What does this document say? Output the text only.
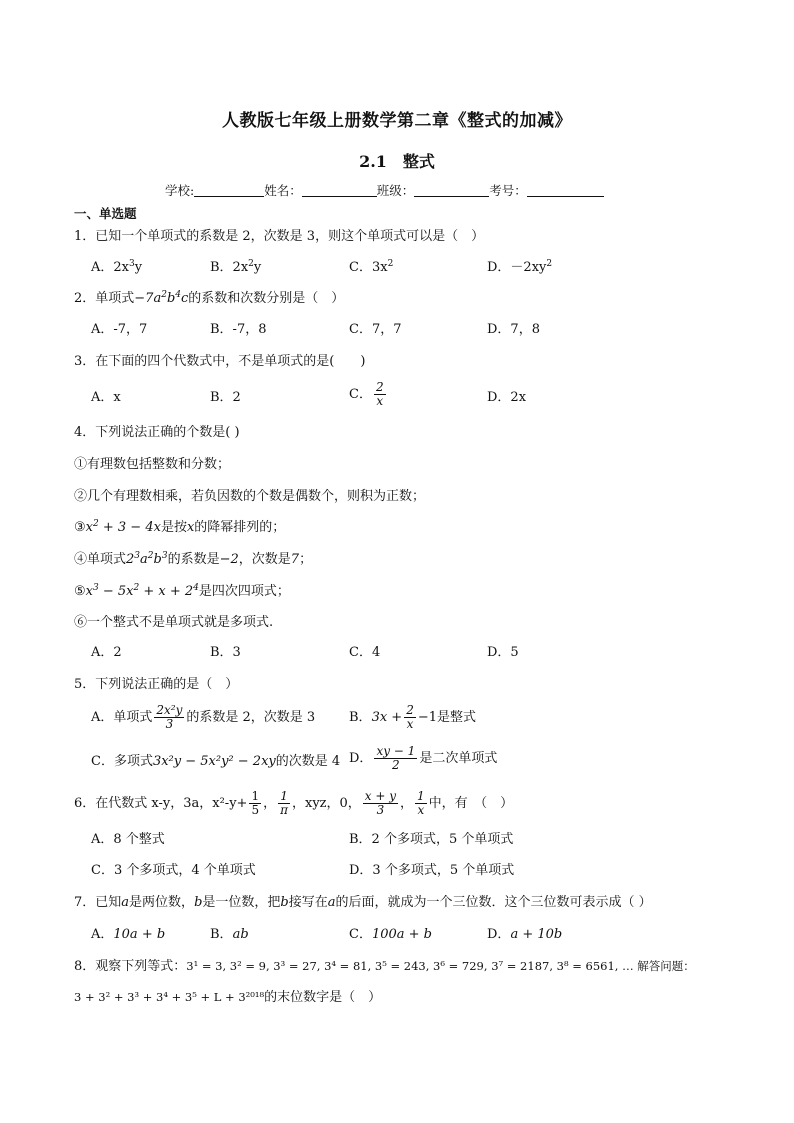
人教版七年级上册数学第二章《整式的加减》
2.1　整式
学校:	姓名：	班级：	考号：
一、单选题
1．已知一个单项式的系数是 2，次数是 3，则这个单项式可以是（　）
A．$2x^3y$	B．$2x^2y$	C．$3x^2$	D．$-2xy^2$
2．单项式$-7a^2b^4c$的系数和次数分别是（　）
A．-7，7	B．-7，8	C．7，7	D．7，8
3．在下面的四个代数式中，不是单项式的是(　　)
A．x	B．2	C． $\frac{2}{x}$	D．2x
4．下列说法正确的个数是( )
①有理数包括整数和分数；
②几个有理数相乘，若负因数的个数是偶数个，则积为正数；
$③x^2 + 3 - 4x$是按x的降幂排列的；
④单项式$2^3a^2b^3$的系数是−2，次数是7；
$⑤x^3 - 5x^2 + x + 2^4$是四次四项式；
⑥一个整式不是单项式就是多项式.
A．2	B．3	C．4	D．5
5．下列说法正确的是（　）
A．单项式 $\frac{\text{2x²y}}{3}$ 的系数是 2，次数是 3	B．$3x + \frac{2}{x} -1$是整式
C．多项式3x²y − 5x²y² − 2xy的次数是 4 D． $\frac{xy - 1}{2}$ 是二次单项式
6．在代数式 x-y，3a，$x^2-y+ \frac{1}{5}$ ， $\frac{1}{\pi}$ ，xyz，0， $\frac{x + y}{3}$ ， $\frac{1}{x}$ 中，有　（　）
A．8 个整式	B．2 个多项式，5 个单项式
C．3 个多项式，4 个单项式	D．3 个多项式，5 个单项式
7．已知a是两位数，b是一位数，把b接写在a的后面，就成为一个三位数．这个三位数可表示成（ ）
A．10a + b	B．ab	C．100a + b	D．a + 10b
8．观察下列等式：3¹ = 3, 3² = 9, 3³ = 27, 3⁴ = 81, 3⁵ = 243, 3⁶ = 729, 3⁷ = 2187, 3⁸ = 6561, … 解答问题：
3 + 3² + 3³ + 3⁴ + 3⁵ + L + 3²⁰¹⁸的末位数字是（　）
